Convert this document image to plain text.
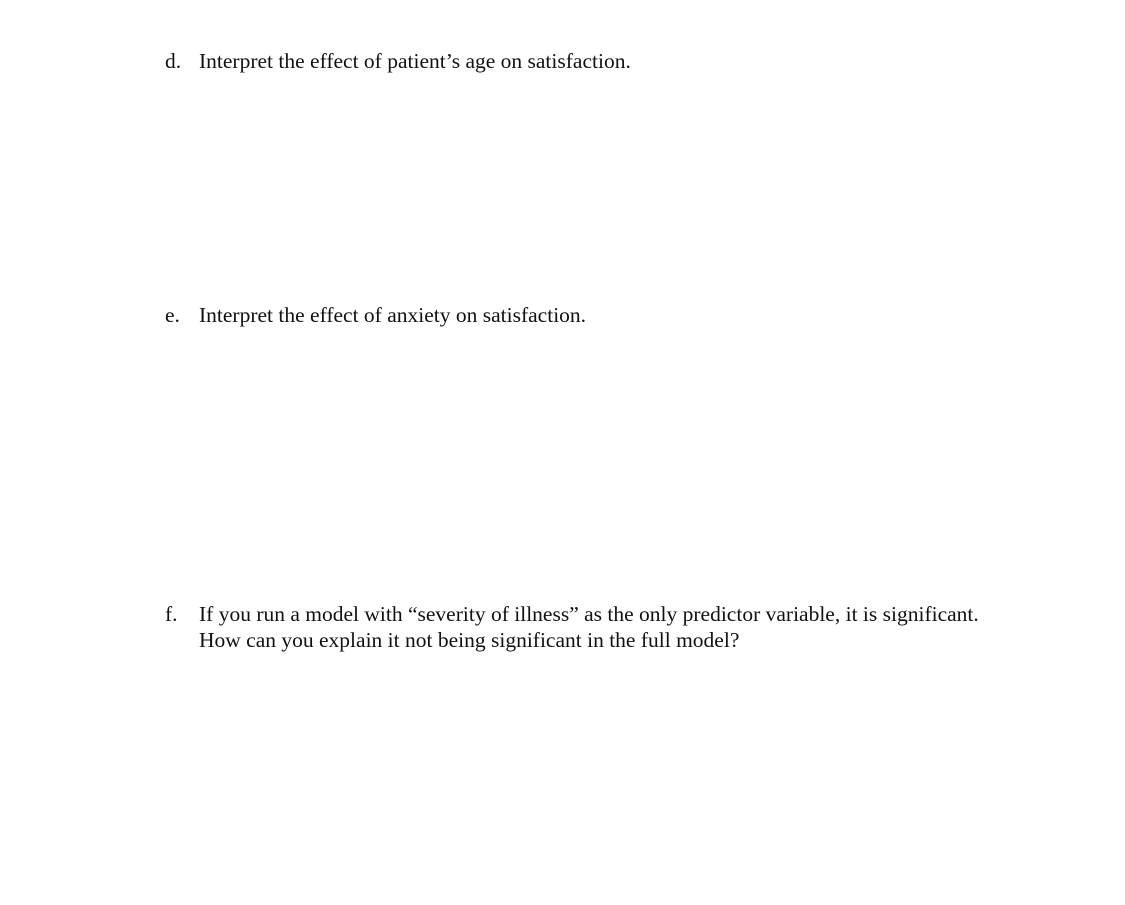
d. Interpret the effect of patient’s age on satisfaction.
e. Interpret the effect of anxiety on satisfaction.
f. If you run a model with “severity of illness” as the only predictor variable, it is significant.
How can you explain it not being significant in the full model?
